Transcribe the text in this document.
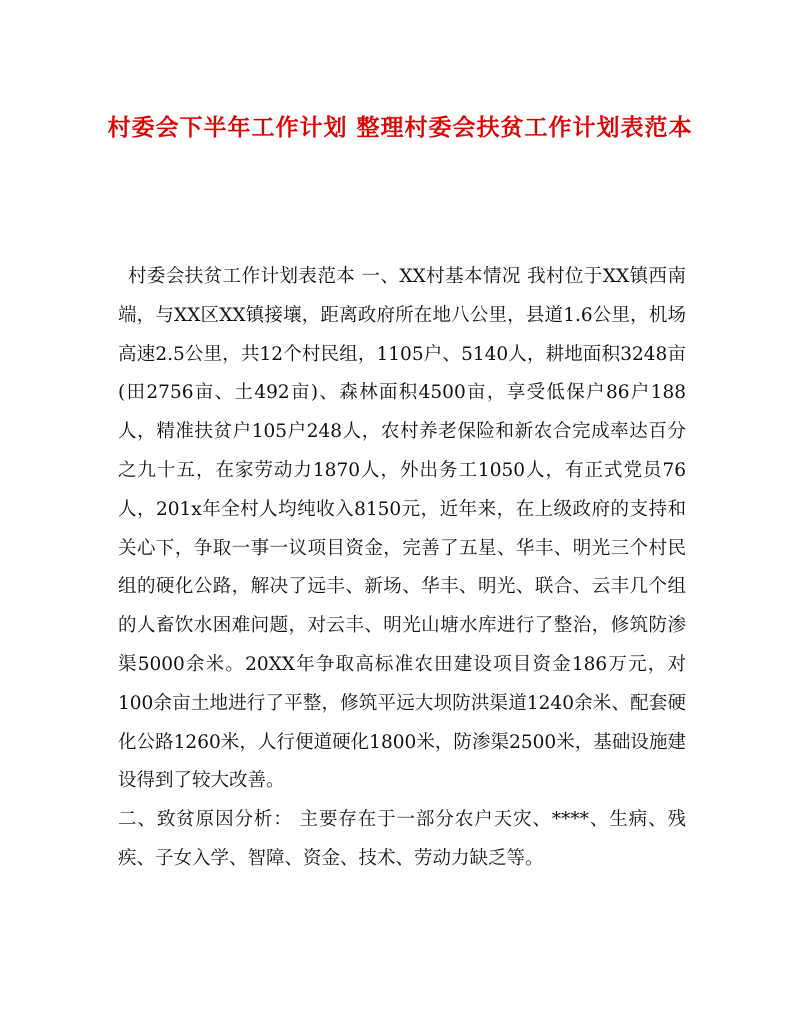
村委会下半年工作计划 整理村委会扶贫工作计划表范本

村委会扶贫工作计划表范本 一、XX村基本情况 我村位于XX镇西南端，与XX区XX镇接壤，距离政府所在地八公里，县道1.6公里，机场高速2.5公里，共12个村民组，1105户、5140人，耕地面积3248亩(田2756亩、土492亩)、森林面积4500亩，享受低保户86户188人，精准扶贫户105户248人，农村养老保险和新农合完成率达百分之九十五，在家劳动力1870人，外出务工1050人，有正式党员76人，201x年全村人均纯收入8150元，近年来，在上级政府的支持和关心下，争取一事一议项目资金，完善了五星、华丰、明光三个村民组的硬化公路，解决了远丰、新场、华丰、明光、联合、云丰几个组的人畜饮水困难问题，对云丰、明光山塘水库进行了整治，修筑防渗渠5000余米。20XX年争取高标准农田建设项目资金186万元，对100余亩土地进行了平整，修筑平远大坝防洪渠道1240余米、配套硬化公路1260米，人行便道硬化1800米，防渗渠2500米，基础设施建设得到了较大改善。

二、致贫原因分析： 主要存在于一部分农户天灾、****、生病、残疾、子女入学、智障、资金、技术、劳动力缺乏等。
